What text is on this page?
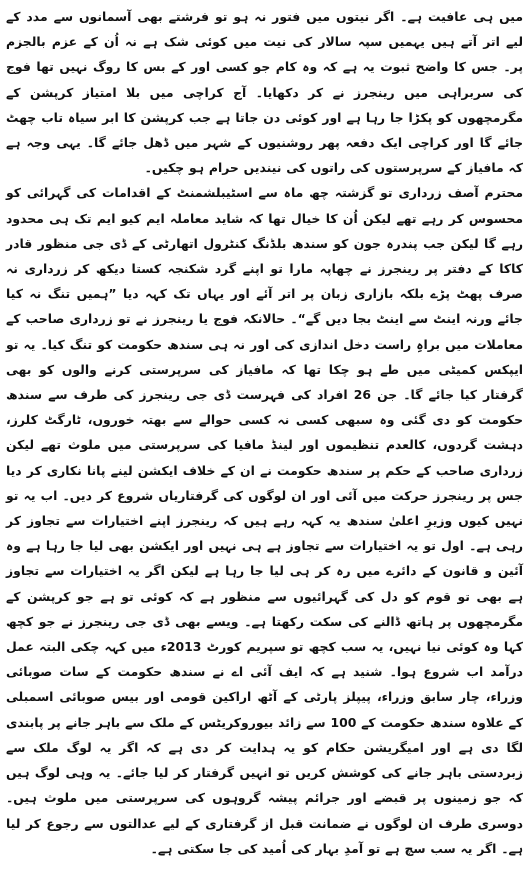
میں ہی عافیت ہے۔ اگر نیتوں میں فتور نہ ہو تو فرشتے بھی آسمانوں سے مدد کے لیے اتر آتے ہیں یہمیں سپہ سالار کی نیت میں کوئی شک ہے نہ اُن کے عزم بالجزم پر۔ جس کا واضح ثبوت یہ ہے کہ وہ کام جو کسی اور کے بس کا روگ نہیں تھا فوج کی سربراہی میں رینجرز نے کر دکھایا۔ آج کراچی میں بلا امتیاز کرپشن کے مگرمچھوں کو پکڑا جا رہا ہے اور کوئی دن جاتا ہے جب کرپشن کا ابر سیاہ تاب چھٹ جائے گا اور کراچی ایک دفعہ پھر روشنیوں کے شہر میں ڈھل جائے گا۔ یہی وجہ ہے کہ مافیاز کے سرپرستوں کی راتوں کی نیندیں حرام ہو چکیں۔

محترم آصف زرداری تو گزشتہ چھ ماہ سے اسٹیبلشمنٹ کے اقدامات کی گہرائی کو محسوس کر رہے تھے لیکن اُن کا خیال تھا کہ شاید معاملہ ایم کیو ایم تک ہی محدود رہے گا لیکن جب پندرہ جون کو سندھ بلڈنگ کنٹرول اتھارٹی کے ڈی جی منظور قادر کاکا کے دفتر پر رینجرز نے چھاپہ مارا تو اپنے گرد شکنجہ کستا دیکھ کر زرداری نہ صرف پھٹ پڑے بلکہ بازاری زبان پر اتر آئے اور یہاں تک کہہ دیا ”ہمیں تنگ نہ کیا جائے ورنہ اینٹ سے اینٹ بجا دیں گے“۔ حالانکہ فوج یا رینجرز نے تو زرداری صاحب کے معاملات میں براہِ راست دخل اندازی کی اور نہ ہی سندھ حکومت کو تنگ کیا۔ یہ تو ایپکس کمیٹی میں طے ہو چکا تھا کہ مافیاز کی سرپرستی کرنے والوں کو بھی گرفتار کیا جائے گا۔ جن 26 افراد کی فہرست ڈی جی رینجرز کی طرف سے سندھ حکومت کو دی گئی وہ سبھی کسی نہ کسی حوالے سے بھتہ خوروں، ٹارگٹ کلرز، دہشت گردوں، کالعدم تنظیموں اور لینڈ مافیا کی سرپرستی میں ملوث تھے لیکن زرداری صاحب کے حکم پر سندھ حکومت نے ان کے خلاف ایکشن لینے پانا نکاری کر دیا جس پر رینجرز حرکت میں آئی اور ان لوگوں کی گرفتاریاں شروع کر دیں۔ اب یہ تو نہیں کیوں وزیرِ اعلیٰ سندھ یہ کہہ رہے ہیں کہ رینجرز اپنے اختیارات سے تجاوز کر رہی ہے۔ اول تو یہ اختیارات سے تجاوز ہے ہی نہیں اور ایکشن بھی لیا جا رہا ہے وہ آئین و قانون کے دائرے میں رہ کر ہی لیا جا رہا ہے لیکن اگر یہ اختیارات سے تجاوز ہے بھی تو قوم کو دل کی گہرائیوں سے منظور ہے کہ کوئی تو ہے جو کرپشن کے مگرمچھوں پر ہاتھ ڈالنے کی سکت رکھتا ہے۔ ویسے بھی ڈی جی رینجرز نے جو کچھ کہا وہ کوئی نیا نہیں، یہ سب کچھ تو سپریم کورٹ 2013ء میں کہہ چکی البتہ عمل درآمد اب شروع ہوا۔ شنید ہے کہ ایف آئی اے نے سندھ حکومت کے سات صوبائی وزراء، چار سابق وزراء، پیپلز پارٹی کے آٹھ اراکین قومی اور بیس صوبائی اسمبلی کے علاوہ سندھ حکومت کے 100 سے زائد بیوروکریٹس کے ملک سے باہر جانے پر پابندی لگا دی ہے اور امیگریشن حکام کو یہ ہدایت کر دی ہے کہ اگر یہ لوگ ملک سے زبردستی باہر جانے کی کوشش کریں تو انہیں گرفتار کر لیا جائے۔ یہ وہی لوگ ہیں کہ جو زمینوں پر قبضے اور جرائم پیشہ گروہوں کی سرپرستی میں ملوث ہیں۔ دوسری طرف ان لوگوں نے ضمانت قبل از گرفتاری کے لیے عدالتوں سے رجوع کر لیا ہے۔ اگر یہ سب سچ ہے تو آمدِ بہار کی اُمید کی جا سکتی ہے۔
